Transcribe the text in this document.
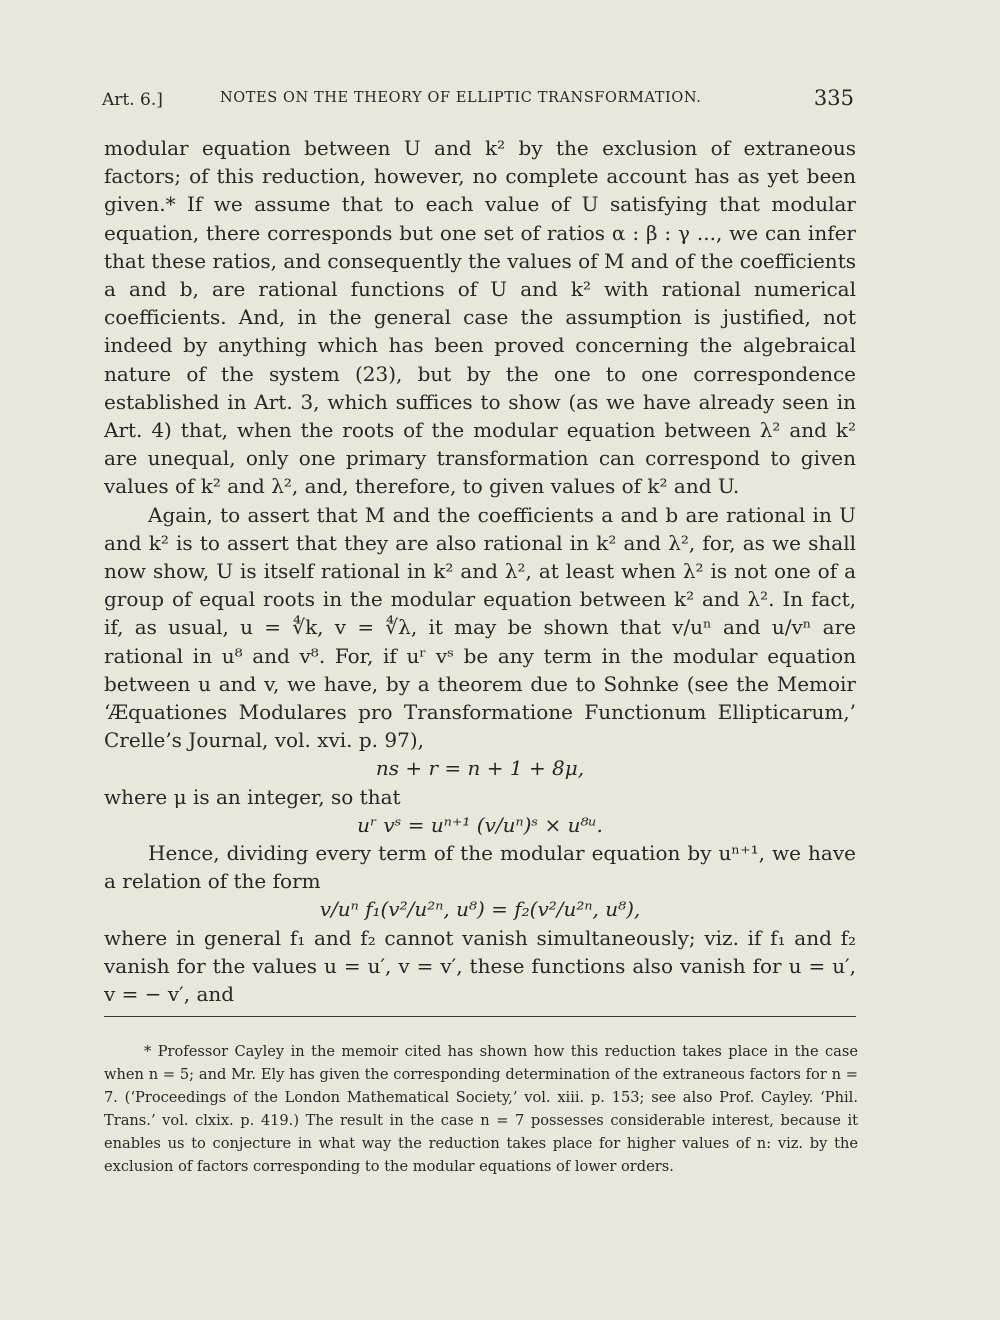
Art. 6.]	NOTES ON THE THEORY OF ELLIPTIC TRANSFORMATION.	335

modular equation between U and k² by the exclusion of extraneous factors; of this reduction, however, no complete account has as yet been given.* If we assume that to each value of U satisfying that modular equation, there corresponds but one set of ratios α : β : γ ..., we can infer that these ratios, and consequently the values of M and of the coefficients a and b, are rational functions of U and k² with rational numerical coefficients. And, in the general case the assumption is justified, not indeed by anything which has been proved concerning the algebraical nature of the system (23), but by the one to one correspondence established in Art. 3, which suffices to show (as we have already seen in Art. 4) that, when the roots of the modular equation between λ² and k² are unequal, only one primary transformation can correspond to given values of k² and λ², and, therefore, to given values of k² and U.

Again, to assert that M and the coefficients a and b are rational in U and k² is to assert that they are also rational in k² and λ², for, as we shall now show, U is itself rational in k² and λ², at least when λ² is not one of a group of equal roots in the modular equation between k² and λ². In fact, if, as usual, u = ∜k, v = ∜λ, it may be shown that v/uⁿ and u/vⁿ are rational in u⁸ and v⁸. For, if uʳ vˢ be any term in the modular equation between u and v, we have, by a theorem due to Sohnke (see the Memoir ‘Æquationes Modulares pro Transformatione Functionum Ellipticarum,’ Crelle’s Journal, vol. xvi. p. 97),

ns + r = n + 1 + 8μ,

where μ is an integer, so that

uʳ vˢ = uⁿ⁺¹ (v/uⁿ)ˢ × u⁸ᵘ.

Hence, dividing every term of the modular equation by uⁿ⁺¹, we have a relation of the form

v/uⁿ f₁(v²/u²ⁿ, u⁸) = f₂(v²/u²ⁿ, u⁸),

where in general f₁ and f₂ cannot vanish simultaneously; viz. if f₁ and f₂ vanish for the values u = u′, v = v′, these functions also vanish for u = u′, v = − v′, and

* Professor Cayley in the memoir cited has shown how this reduction takes place in the case when n = 5; and Mr. Ely has given the corresponding determination of the extraneous factors for n = 7. (‘Proceedings of the London Mathematical Society,’ vol. xiii. p. 153; see also Prof. Cayley. ‘Phil. Trans.’ vol. clxix. p. 419.) The result in the case n = 7 possesses considerable interest, because it enables us to conjecture in what way the reduction takes place for higher values of n: viz. by the exclusion of factors corresponding to the modular equations of lower orders.
